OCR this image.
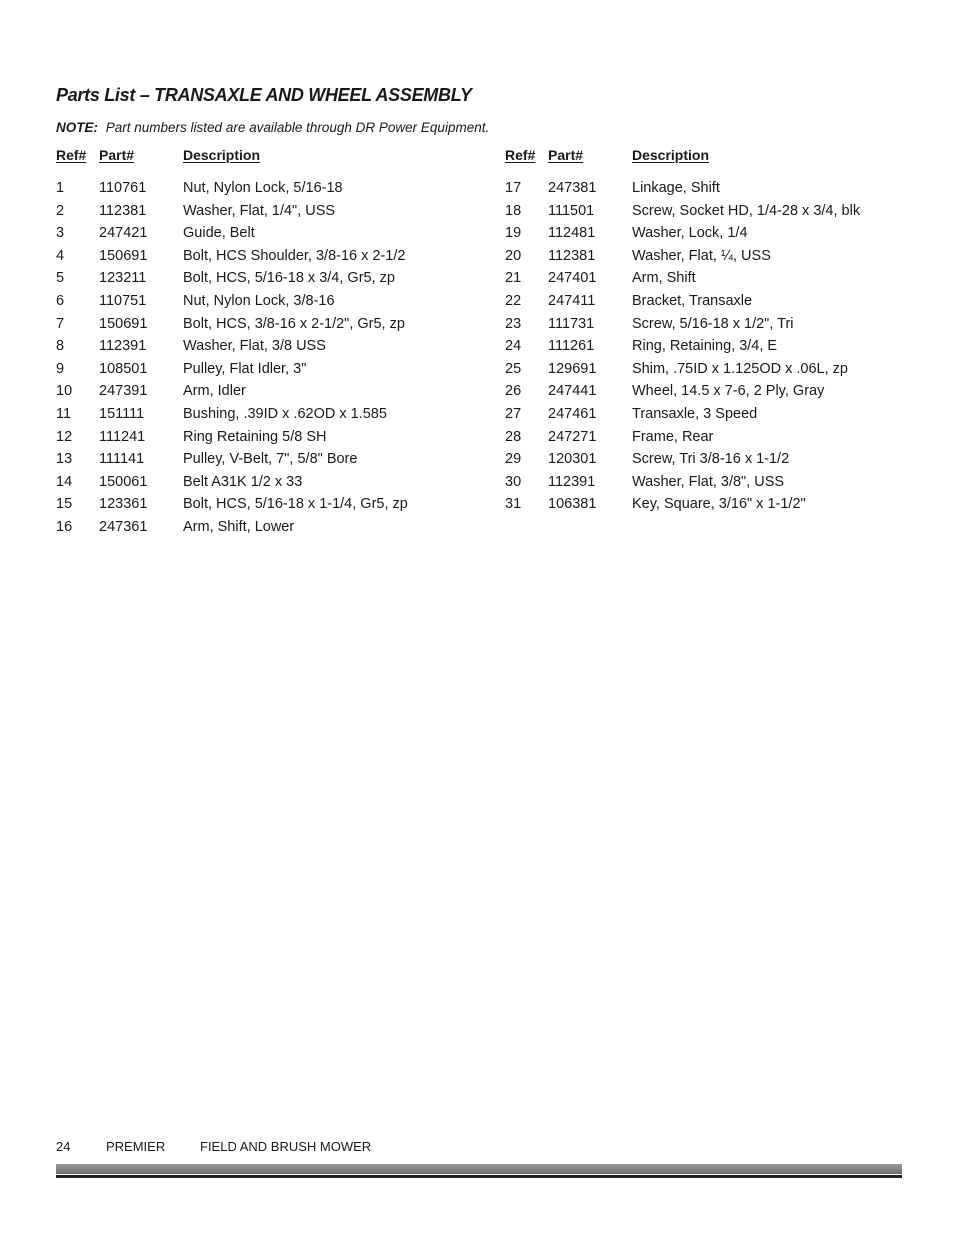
Parts List – TRANSAXLE AND WHEEL ASSEMBLY
NOTE: Part numbers listed are available through DR Power Equipment.
Ref# Part#	Description
1 110761	Nut, Nylon Lock, 5/16-18
2 112381	Washer, Flat, 1/4", USS
3 247421 Guide, Belt
4 150691 Bolt, HCS Shoulder, 3/8-16 x 2-1/2
5 123211	Bolt, HCS, 5/16-18 x 3/4, Gr5, zp
6 110751	Nut, Nylon Lock, 3/8-16
7 150691 Bolt, HCS, 3/8-16 x 2-1/2", Gr5, zp
8 112391	Washer, Flat, 3/8 USS
9 108501 Pulley, Flat Idler, 3"
10 247391 Arm, Idler
11 151111	Bushing, .39ID x .62OD x 1.585
12 111241	Ring Retaining 5/8 SH
13 111141	Pulley, V-Belt, 7", 5/8" Bore
14 150061 Belt A31K 1/2 x 33
15 123361 Bolt, HCS, 5/16-18 x 1-1/4, Gr5, zp
16 247361 Arm, Shift, Lower
Ref# Part#	Description
17 247381 Linkage, Shift
18 111501	Screw, Socket HD, 1/4-28 x 3/4, blk
19 112481	Washer, Lock, 1/4
20 112381	Washer, Flat, ¼, USS
21 247401 Arm, Shift
22 247411	Bracket, Transaxle
23 111731	Screw, 5/16-18 x 1/2", Tri
24 111261	Ring, Retaining, 3/4, E
25 129691 Shim, .75ID x 1.125OD x .06L, zp
26 247441 Wheel, 14.5 x 7-6, 2 Ply, Gray
27 247461 Transaxle, 3 Speed
28 247271 Frame, Rear
29 120301 Screw, Tri 3/8-16 x 1-1/2
30 112391	Washer, Flat, 3/8", USS
31 106381 Key, Square, 3/16" x 1-1/2"
24	PREMIER	FIELD AND BRUSH MOWER
